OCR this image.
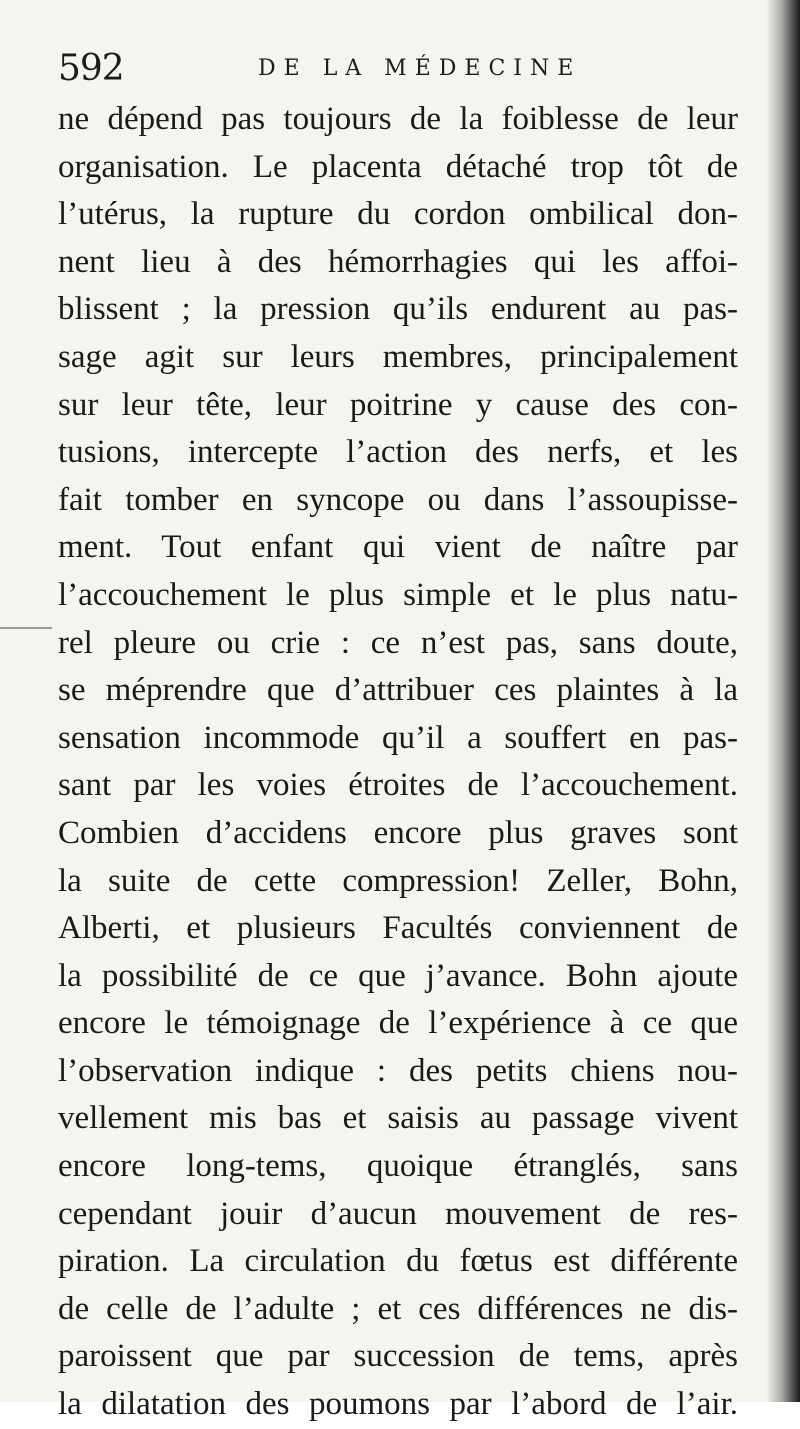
592	DE LA MÉDECINE
ne dépend pas toujours de la foiblesse de leur
organisation. Le placenta détaché trop tôt de
l’utérus, la rupture du cordon ombilical don-
nent lieu à des hémorrhagies qui les affoi-
blissent ; la pression qu’ils endurent au pas-
sage agit sur leurs membres, principalement
sur leur tête, leur poitrine y cause des con-
tusions, intercepte l’action des nerfs, et les
fait tomber en syncope ou dans l’assoupisse-
ment. Tout enfant qui vient de naître par
l’accouchement le plus simple et le plus natu-
rel pleure ou crie : ce n’est pas, sans doute,
se méprendre que d’attribuer ces plaintes à la
sensation incommode qu’il a souffert en pas-
sant par les voies étroites de l’accouchement.
Combien d’accidens encore plus graves sont
la suite de cette compression! Zeller, Bohn,
Alberti, et plusieurs Facultés conviennent de
la possibilité de ce que j’avance. Bohn ajoute
encore le témoignage de l’expérience à ce que
l’observation indique : des petits chiens nou-
vellement mis bas et saisis au passage vivent
encore long-tems, quoique étranglés, sans
cependant jouir d’aucun mouvement de res-
piration. La circulation du fœtus est différente
de celle de l’adulte ; et ces différences ne dis-
paroissent que par succession de tems, après
la dilatation des poumons par l’abord de l’air.
